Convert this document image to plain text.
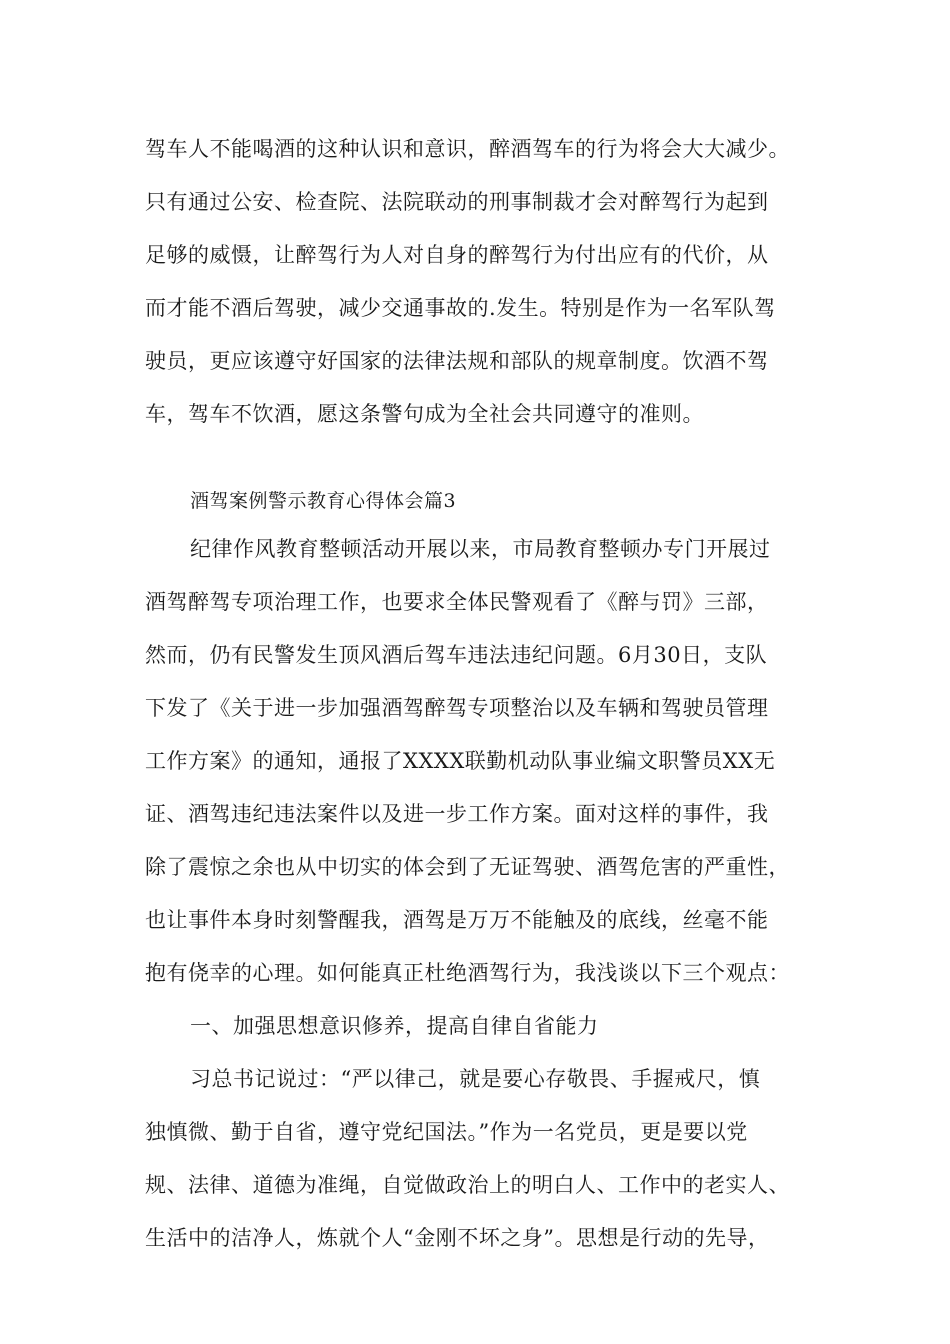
驾车人不能喝酒的这种认识和意识，醉酒驾车的行为将会大大减少。
只有通过公安、检查院、法院联动的刑事制裁才会对醉驾行为起到
足够的威慑，让醉驾行为人对自身的醉驾行为付出应有的代价，从
而才能不酒后驾驶，减少交通事故的.发生。特别是作为一名军队驾
驶员，更应该遵守好国家的法律法规和部队的规章制度。饮酒不驾
车，驾车不饮酒，愿这条警句成为全社会共同遵守的准则。
酒驾案例警示教育心得体会篇3
纪律作风教育整顿活动开展以来，市局教育整顿办专门开展过
酒驾醉驾专项治理工作，也要求全体民警观看了《醉与罚》三部，
然而，仍有民警发生顶风酒后驾车违法违纪问题。6月30日，支队
下发了《关于进一步加强酒驾醉驾专项整治以及车辆和驾驶员管理
工作方案》的通知，通报了XXXX联勤机动队事业编文职警员XX无
证、酒驾违纪违法案件以及进一步工作方案。面对这样的事件，我
除了震惊之余也从中切实的体会到了无证驾驶、酒驾危害的严重性，
也让事件本身时刻警醒我，酒驾是万万不能触及的底线，丝毫不能
抱有侥幸的心理。如何能真正杜绝酒驾行为，我浅谈以下三个观点：
一、加强思想意识修养，提高自律自省能力
习总书记说过：“严以律己，就是要心存敬畏、手握戒尺，慎
独慎微、勤于自省，遵守党纪国法。”作为一名党员，更是要以党
规、法律、道德为准绳，自觉做政治上的明白人、工作中的老实人、
生活中的洁净人，炼就个人“金刚不坏之身”。思想是行动的先导，
